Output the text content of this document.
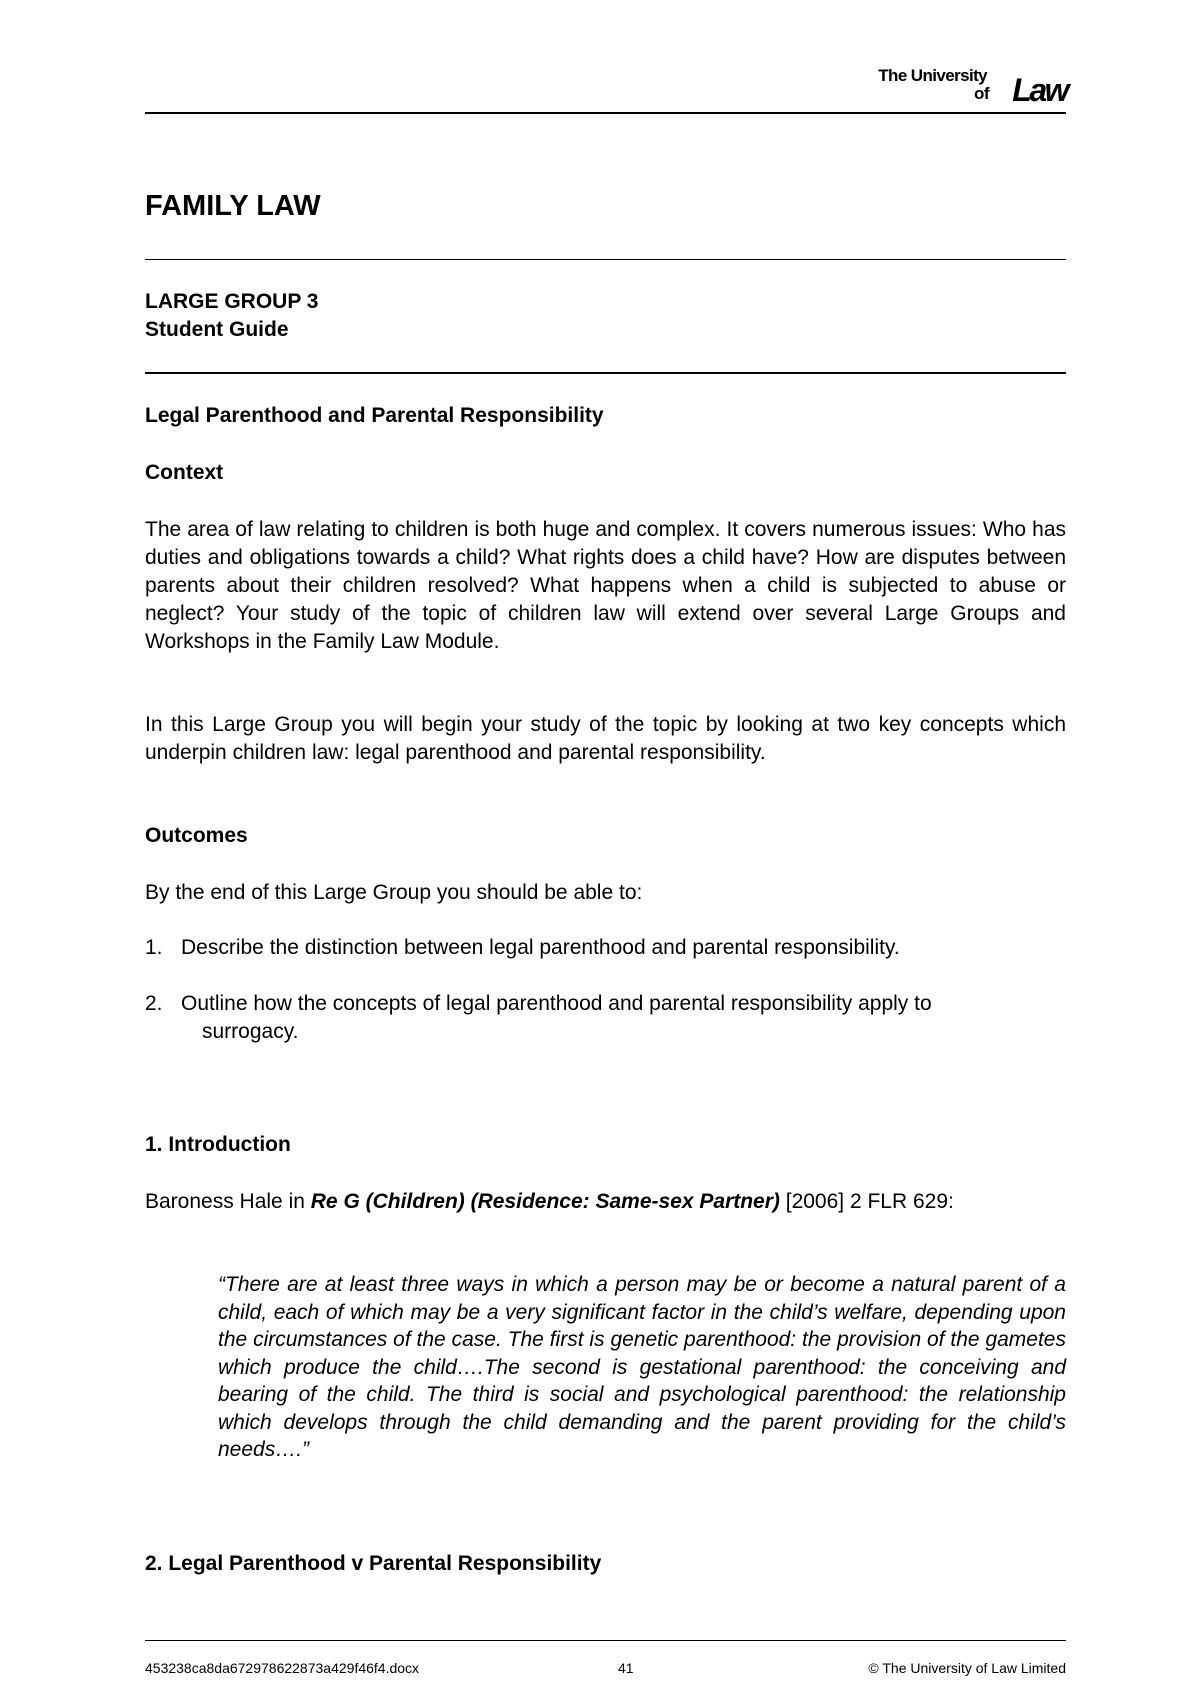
The University
of Law
FAMILY LAW
LARGE GROUP 3
Student Guide
Legal Parenthood and Parental Responsibility
Context
The area of law relating to children is both huge and complex. It covers numerous issues: Who has duties and obligations towards a child? What rights does a child have? How are disputes between parents about their children resolved? What happens when a child is subjected to abuse or neglect? Your study of the topic of children law will extend over several Large Groups and Workshops in the Family Law Module.
In this Large Group you will begin your study of the topic by looking at two key concepts which underpin children law: legal parenthood and parental responsibility.
Outcomes
By the end of this Large Group you should be able to:
1. Describe the distinction between legal parenthood and parental responsibility.
2. Outline how the concepts of legal parenthood and parental responsibility apply to
surrogacy.
1. Introduction
Baroness Hale in Re G (Children) (Residence: Same-sex Partner) [2006] 2 FLR 629:
“There are at least three ways in which a person may be or become a natural parent of a child, each of which may be a very significant factor in the child’s welfare, depending upon the circumstances of the case. The first is genetic parenthood: the provision of the gametes which produce the child….The second is gestational parenthood: the conceiving and bearing of the child. The third is social and psychological parenthood: the relationship which develops through the child demanding and the parent providing for the child’s needs….”
2. Legal Parenthood v Parental Responsibility
453238ca8da672978622873a429f46f4.docx	41	© The University of Law Limited
